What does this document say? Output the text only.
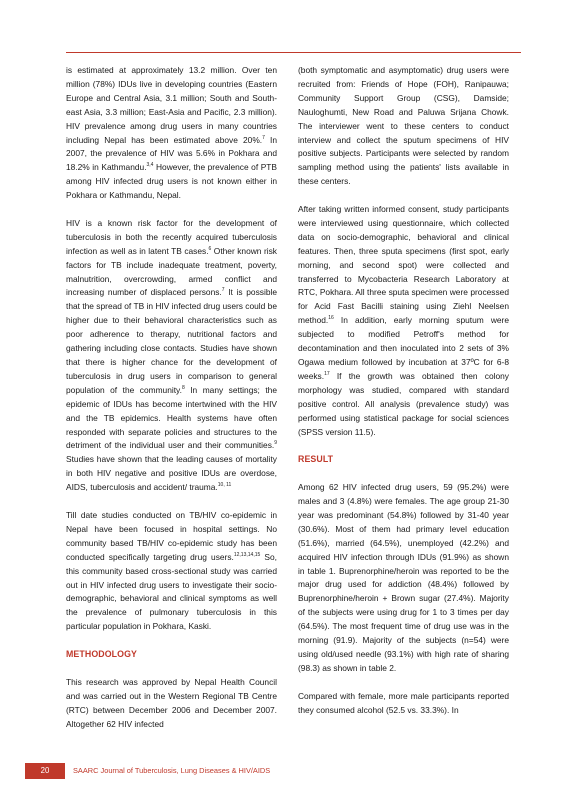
is estimated at approximately 13.2 million. Over ten million (78%) IDUs live in developing countries (Eastern Europe and Central Asia, 3.1 million; South and South-east Asia, 3.3 million; East-Asia and Pacific, 2.3 million). HIV prevalence among drug users in many countries including Nepal has been estimated above 20%.$^7$ In 2007, the prevalence of HIV was 5.6% in Pokhara and 18.2% in Kathmandu.$^{3,4}$ However, the prevalence of PTB among HIV infected drug users is not known either in Pokhara or Kathmandu, Nepal.

HIV is a known risk factor for the development of tuberculosis in both the recently acquired tuberculosis infection as well as in latent TB cases.$^6$ Other known risk factors for TB include inadequate treatment, poverty, malnutrition, overcrowding, armed conflict and increasing number of displaced persons.$^7$ It is possible that the spread of TB in HIV infected drug users could be higher due to their behavioral characteristics such as poor adherence to therapy, nutritional factors and gathering including close contacts. Studies have shown that there is higher chance for the development of tuberculosis in drug users in comparison to general population of the community.$^8$ In many settings; the epidemic of IDUs has become intertwined with the HIV and the TB epidemics. Health systems have often responded with separate policies and structures to the detriment of the individual user and their communities.$^9$ Studies have shown that the leading causes of mortality in both HIV negative and positive IDUs are overdose, AIDS, tuberculosis and accident/ trauma.$^{10, 11}$

Till date studies conducted on TB/HIV co-epidemic in Nepal have been focused in hospital settings. No community based TB/HIV co-epidemic study has been conducted specifically targeting drug users.$^{12,13,14,15}$ So, this community based cross-sectional study was carried out in HIV infected drug users to investigate their socio-demographic, behavioral and clinical symptoms as well the prevalence of pulmonary tuberculosis in this particular population in Pokhara, Kaski.

METHODOLOGY

This research was approved by Nepal Health Council and was carried out in the Western Regional TB Centre (RTC) between December 2006 and December 2007. Altogether 62 HIV infected

(both symptomatic and asymptomatic) drug users were recruited from: Friends of Hope (FOH), Ranipauwa; Community Support Group (CSG), Damside; Nauloghumti, New Road and Paluwa Srijana Chowk. The interviewer went to these centers to conduct interview and collect the sputum specimens of HIV positive subjects. Participants were selected by random sampling method using the patients' lists available in these centers.

After taking written informed consent, study participants were interviewed using questionnaire, which collected data on socio-demographic, behavioral and clinical features. Then, three sputa specimens (first spot, early morning, and second spot) were collected and transferred to Mycobacteria Research Laboratory at RTC, Pokhara. All three sputa specimen were processed for Acid Fast Bacilli staining using Ziehl Neelsen method.$^{16}$ In addition, early morning sputum were subjected to modified Petroff's method for decontamination and then inoculated into 2 sets of 3% Ogawa medium followed by incubation at 37ºC for 6-8 weeks.$^{17}$ If the growth was obtained then colony morphology was studied, compared with standard positive control. All analysis (prevalence study) was performed using statistical package for social sciences (SPSS version 11.5).

RESULT

Among 62 HIV infected drug users, 59 (95.2%) were males and 3 (4.8%) were females. The age group 21-30 year was predominant (54.8%) followed by 31-40 year (30.6%). Most of them had primary level education (51.6%), married (64.5%), unemployed (42.2%) and acquired HIV infection through IDUs (91.9%) as shown in table 1. Buprenorphine/heroin was reported to be the major drug used for addiction (48.4%) followed by Buprenorphine/heroin + Brown sugar (27.4%). Majority of the subjects were using drug for 1 to 3 times per day (64.5%). The most frequent time of drug use was in the morning (91.9). Majority of the subjects (n=54) were using old/used needle (93.1%) with high rate of sharing (98.3) as shown in table 2.

Compared with female, more male participants reported they consumed alcohol (52.5 vs. 33.3%). In

20	SAARC Journal of Tuberculosis, Lung Diseases & HIV/AIDS
